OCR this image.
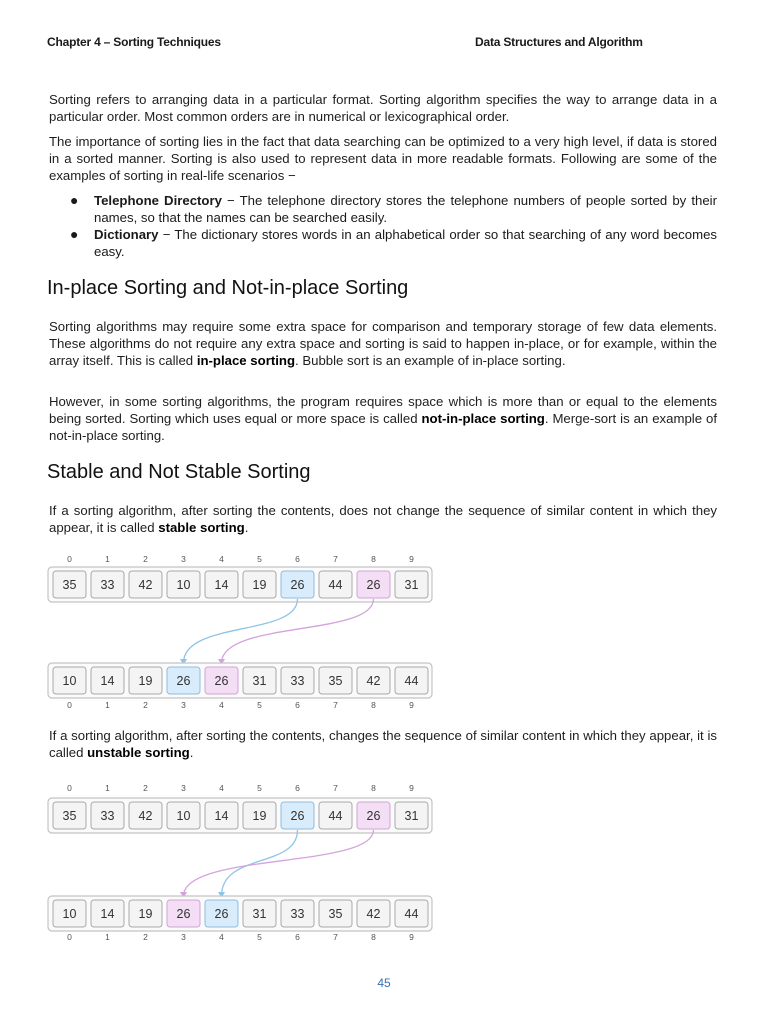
Chapter 4 – Sorting Techniques	Data Structures and Algorithm
Sorting refers to arranging data in a particular format. Sorting algorithm specifies the way to arrange data in a particular order. Most common orders are in numerical or lexicographical order.
The importance of sorting lies in the fact that data searching can be optimized to a very high level, if data is stored in a sorted manner. Sorting is also used to represent data in more readable formats. Following are some of the examples of sorting in real-life scenarios −
● Telephone Directory − The telephone directory stores the telephone numbers of people sorted by their names, so that the names can be searched easily.
● Dictionary − The dictionary stores words in an alphabetical order so that searching of any word becomes easy.
In-place Sorting and Not-in-place Sorting
Sorting algorithms may require some extra space for comparison and temporary storage of few data elements. These algorithms do not require any extra space and sorting is said to happen in-place, or for example, within the array itself. This is called in-place sorting. Bubble sort is an example of in-place sorting.
However, in some sorting algorithms, the program requires space which is more than or equal to the elements being sorted. Sorting which uses equal or more space is called not-in-place sorting. Merge-sort is an example of not-in-place sorting.
Stable and Not Stable Sorting
If a sorting algorithm, after sorting the contents, does not change the sequence of similar content in which they appear, it is called stable sorting.
0	1	2	3	4	5	6	7	8	9
35 33 42 10 14 19 26 44 26 31
10 14 19 26 26 31 33 35 42 44
0	1	2	3	4	5	6	7	8	9
If a sorting algorithm, after sorting the contents, changes the sequence of similar content in which they appear, it is called unstable sorting.
0	1	2	3	4	5	6	7	8	9
35 33 42 10 14 19 26 44 26 31
10 14 19 26 26 31 33 35 42 44
0	1	2	3	4	5	6	7	8	9
45
